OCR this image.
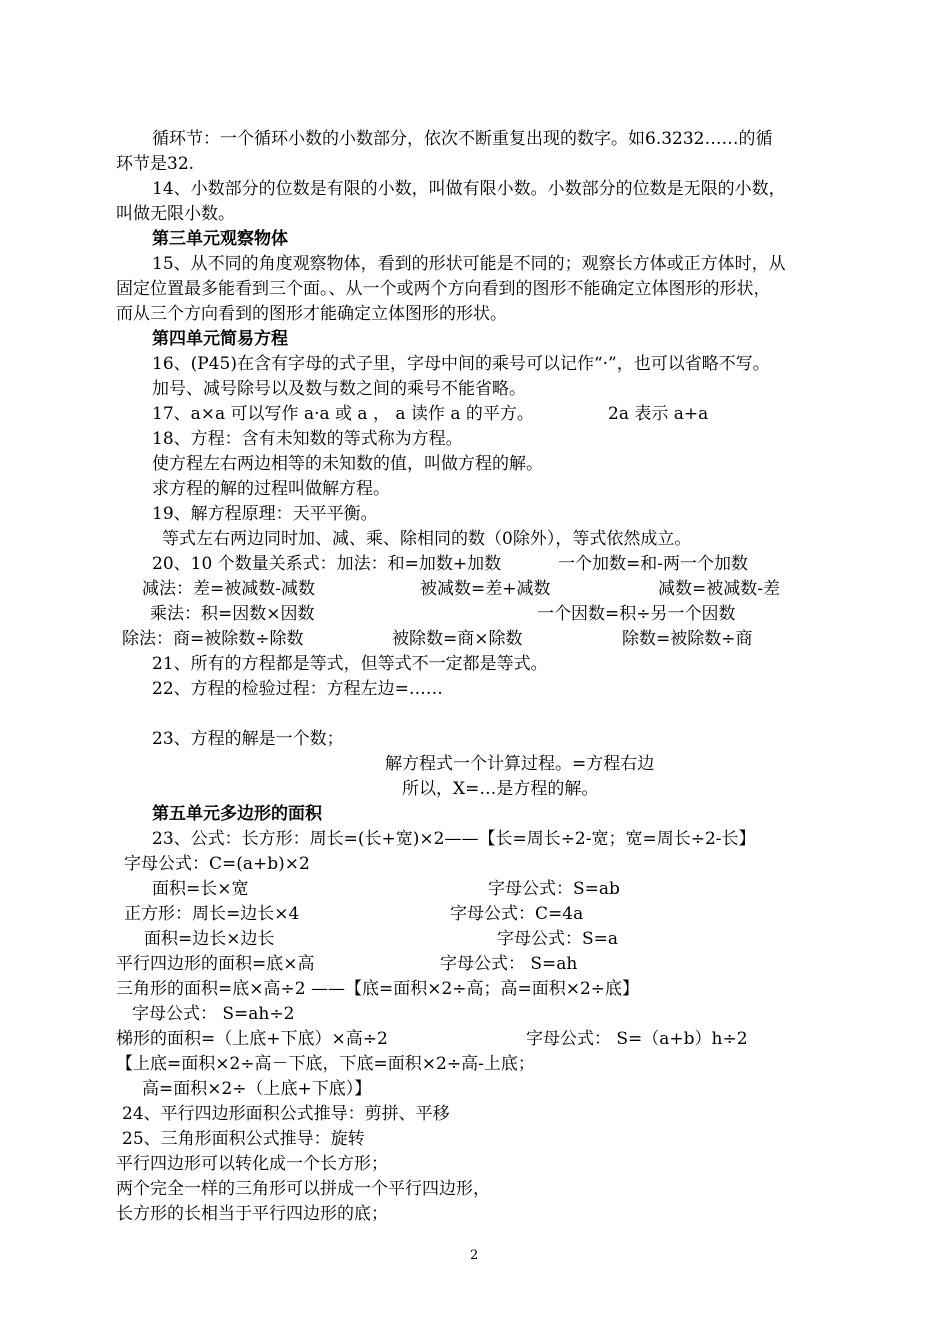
循环节：一个循环小数的小数部分，依次不断重复出现的数字。如6.3232……的循
环节是32.
14、小数部分的位数是有限的小数，叫做有限小数。小数部分的位数是无限的小数，
叫做无限小数。
第三单元观察物体
15、从不同的角度观察物体，看到的形状可能是不同的；观察长方体或正方体时，从
固定位置最多能看到三个面。、从一个或两个方向看到的图形不能确定立体图形的形状，
而从三个方向看到的图形才能确定立体图形的形状。
第四单元简易方程
16、(P45)在含有字母的式子里，字母中间的乘号可以记作“·”，也可以省略不写。
加号、减号除号以及数与数之间的乘号不能省略。
17、a×a 可以写作 a·a 或 a ， a 读作 a 的平方。	2a 表示 a+a
18、方程：含有未知数的等式称为方程。
使方程左右两边相等的未知数的值，叫做方程的解。
求方程的解的过程叫做解方程。
19、解方程原理：天平平衡。
等式左右两边同时加、减、乘、除相同的数（0除外），等式依然成立。
20、10 个数量关系式：加法：和=加数+加数	一个加数=和-两一个加数
减法：差=被减数-减数	被减数=差+减数	减数=被减数-差
乘法：积=因数×因数	一个因数=积÷另一个因数
除法：商=被除数÷除数	被除数=商×除数	除数=被除数÷商
21、所有的方程都是等式，但等式不一定都是等式。
22、方程的检验过程：方程左边=……
23、方程的解是一个数；
解方程式一个计算过程。=方程右边
所以，X=…是方程的解。
第五单元多边形的面积
23、公式：长方形：周长=(长+宽)×2——【长=周长÷2-宽；宽=周长÷2-长】
字母公式：C=(a+b)×2
面积=长×宽	字母公式：S=ab
正方形：周长=边长×4	字母公式：C=4a
面积=边长×边长	字母公式：S=a
平行四边形的面积=底×高	字母公式： S=ah
三角形的面积=底×高÷2 ——【底=面积×2÷高；高=面积×2÷底】
字母公式： S=ah÷2
梯形的面积=（上底+下底）×高÷2	字母公式： S=（a+b）h÷2
【上底=面积×2÷高－下底，下底=面积×2÷高-上底；
高=面积×2÷（上底+下底）】
24、平行四边形面积公式推导：剪拼、平移
25、三角形面积公式推导：旋转
平行四边形可以转化成一个长方形；
两个完全一样的三角形可以拼成一个平行四边形，
长方形的长相当于平行四边形的底；
2
